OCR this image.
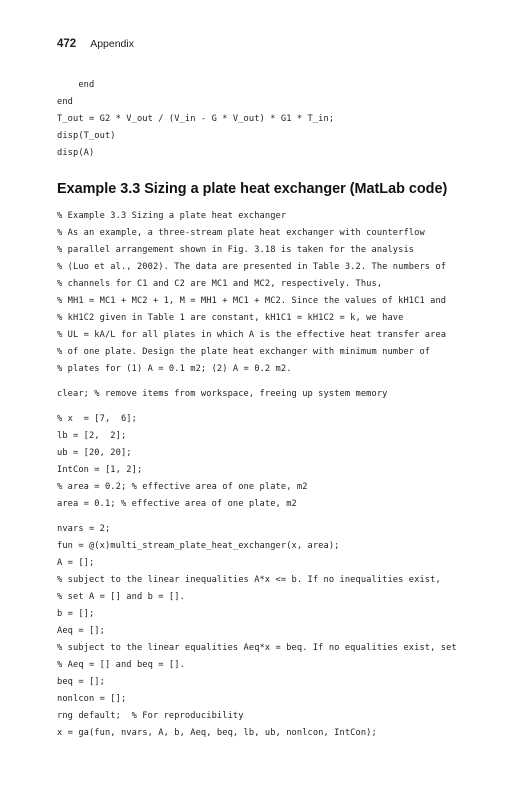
472 Appendix
end
end
T_out = G2 * V_out / (V_in - G * V_out) * G1 * T_in;
disp(T_out)
disp(A)
Example 3.3 Sizing a plate heat exchanger (MatLab code)
% Example 3.3 Sizing a plate heat exchanger
% As an example, a three-stream plate heat exchanger with counterflow
% parallel arrangement shown in Fig. 3.18 is taken for the analysis
% (Luo et al., 2002). The data are presented in Table 3.2. The numbers of
% channels for C1 and C2 are MC1 and MC2, respectively. Thus,
% MH1 = MC1 + MC2 + 1, M = MH1 + MC1 + MC2. Since the values of kH1C1 and
% kH1C2 given in Table 1 are constant, kH1C1 = kH1C2 = k, we have
% UL = kA/L for all plates in which A is the effective heat transfer area
% of one plate. Design the plate heat exchanger with minimum number of
% plates for (1) A = 0.1 m2; (2) A = 0.2 m2.
clear; % remove items from workspace, freeing up system memory
% x  = [7,  6];
lb = [2,  2];
ub = [20, 20];
IntCon = [1, 2];
% area = 0.2; % effective area of one plate, m2
area = 0.1; % effective area of one plate, m2
nvars = 2;
fun = @(x)multi_stream_plate_heat_exchanger(x, area);
A = [];
% subject to the linear inequalities A*x <= b. If no inequalities exist,
% set A = [] and b = [].
b = [];
Aeq = [];
% subject to the linear equalities Aeq*x = beq. If no equalities exist, set
% Aeq = [] and beq = [].
beq = [];
nonlcon = [];
rng default;  % For reproducibility
x = ga(fun, nvars, A, b, Aeq, beq, lb, ub, nonlcon, IntCon);
